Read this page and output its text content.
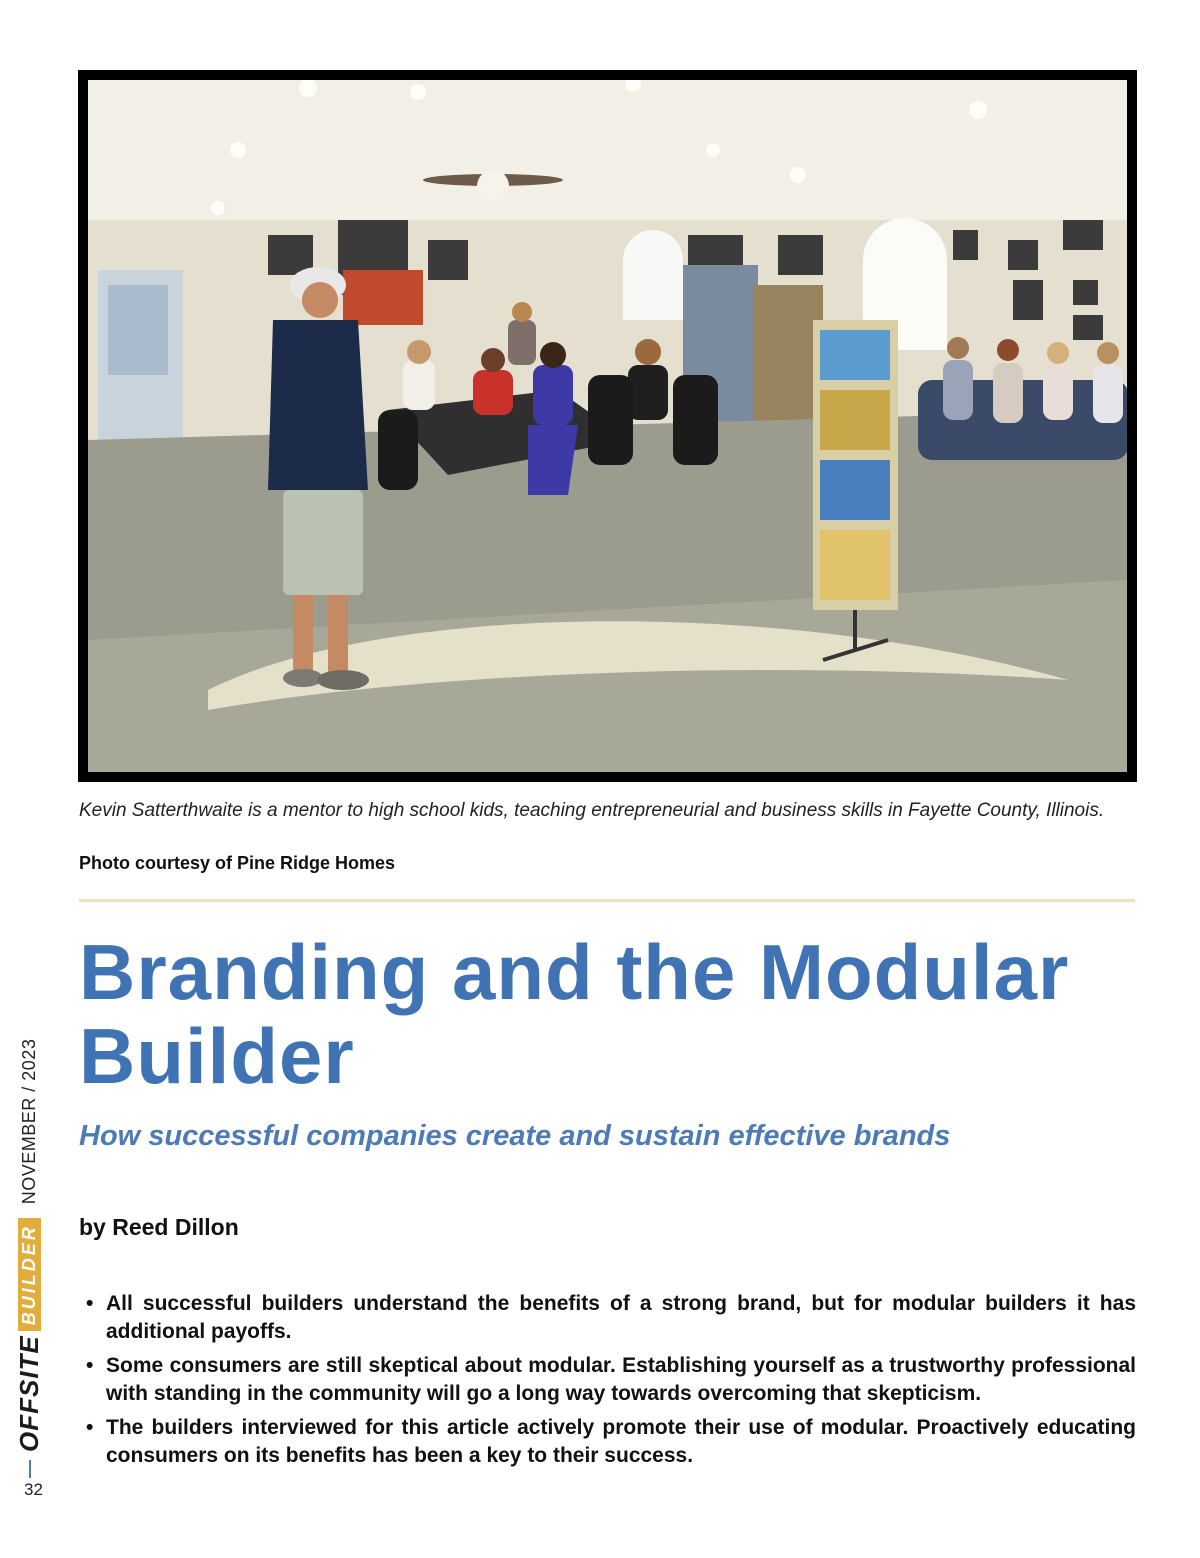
Kevin Satterthwaite is a mentor to high school kids, teaching entrepreneurial and business skills in Fayette County, Illinois.
Photo courtesy of Pine Ridge Homes
Branding and the Modular Builder
How successful companies create and sustain effective brands
by Reed Dillon
• All successful builders understand the benefits of a strong brand, but for modular builders it has additional payoffs.
• Some consumers are still skeptical about modular. Establishing yourself as a trustworthy professional with standing in the community will go a long way towards overcoming that skepticism.
• The builders interviewed for this article actively promote their use of modular. Proactively educating consumers on its benefits has been a key to their success.
OFFSITE
BUILDER
NOVEMBER / 2023
32
